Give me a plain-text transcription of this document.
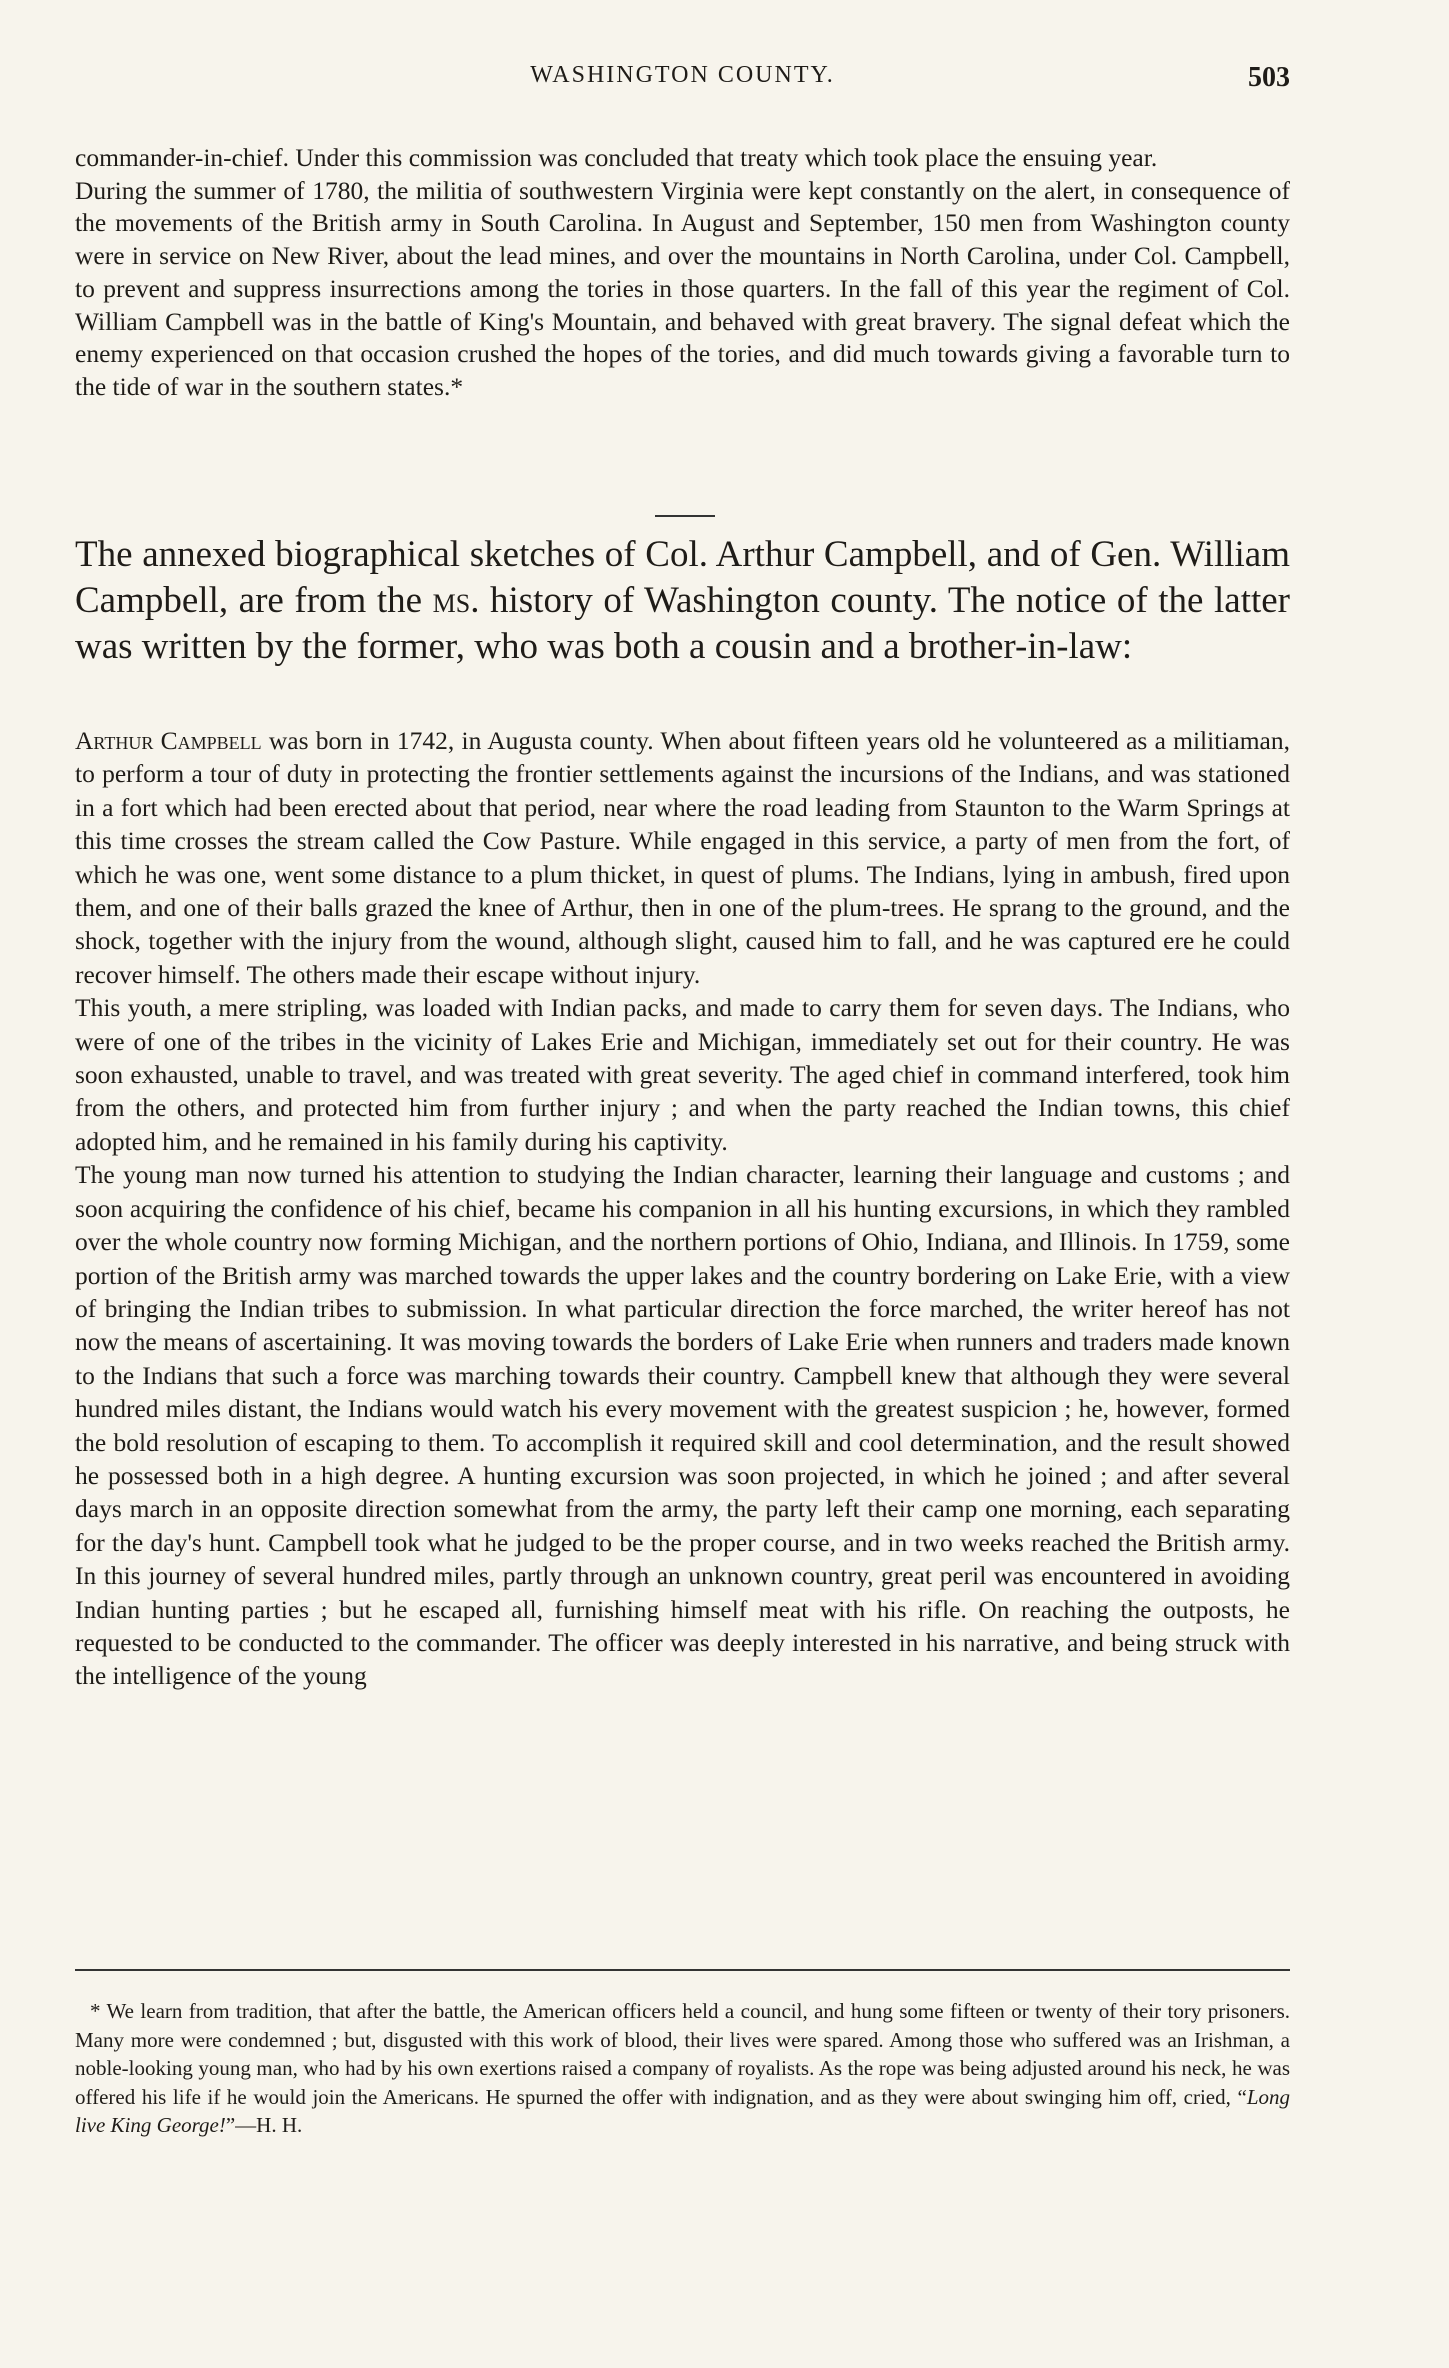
WASHINGTON COUNTY.	503

commander-in-chief. Under this commission was concluded that treaty which took place the ensuing year.

During the summer of 1780, the militia of southwestern Virginia were kept constantly on the alert, in consequence of the movements of the British army in South Carolina. In August and September, 150 men from Washington county were in service on New River, about the lead mines, and over the mountains in North Carolina, under Col. Campbell, to prevent and suppress insurrections among the tories in those quarters. In the fall of this year the regiment of Col. William Campbell was in the battle of King's Mountain, and behaved with great bravery. The signal defeat which the enemy experienced on that occasion crushed the hopes of the tories, and did much towards giving a favorable turn to the tide of war in the southern states.*

The annexed biographical sketches of Col. Arthur Campbell, and of Gen. William Campbell, are from the ms. history of Washington county. The notice of the latter was written by the former, who was both a cousin and a brother-in-law:

Arthur Campbell was born in 1742, in Augusta county. When about fifteen years old he volunteered as a militiaman, to perform a tour of duty in protecting the frontier settlements against the incursions of the Indians, and was stationed in a fort which had been erected about that period, near where the road leading from Staunton to the Warm Springs at this time crosses the stream called the Cow Pasture. While engaged in this service, a party of men from the fort, of which he was one, went some distance to a plum thicket, in quest of plums. The Indians, lying in ambush, fired upon them, and one of their balls grazed the knee of Arthur, then in one of the plum-trees. He sprang to the ground, and the shock, together with the injury from the wound, although slight, caused him to fall, and he was captured ere he could recover himself. The others made their escape without injury.

This youth, a mere stripling, was loaded with Indian packs, and made to carry them for seven days. The Indians, who were of one of the tribes in the vicinity of Lakes Erie and Michigan, immediately set out for their country. He was soon exhausted, unable to travel, and was treated with great severity. The aged chief in command interfered, took him from the others, and protected him from further injury ; and when the party reached the Indian towns, this chief adopted him, and he remained in his family during his captivity.

The young man now turned his attention to studying the Indian character, learning their language and customs ; and soon acquiring the confidence of his chief, became his companion in all his hunting excursions, in which they rambled over the whole country now forming Michigan, and the northern portions of Ohio, Indiana, and Illinois. In 1759, some portion of the British army was marched towards the upper lakes and the country bordering on Lake Erie, with a view of bringing the Indian tribes to submission. In what particular direction the force marched, the writer hereof has not now the means of ascertaining. It was moving towards the borders of Lake Erie when runners and traders made known to the Indians that such a force was marching towards their country. Campbell knew that although they were several hundred miles distant, the Indians would watch his every movement with the greatest suspicion ; he, however, formed the bold resolution of escaping to them. To accomplish it required skill and cool determination, and the result showed he possessed both in a high degree. A hunting excursion was soon projected, in which he joined ; and after several days march in an opposite direction somewhat from the army, the party left their camp one morning, each separating for the day's hunt. Campbell took what he judged to be the proper course, and in two weeks reached the British army. In this journey of several hundred miles, partly through an unknown country, great peril was encountered in avoiding Indian hunting parties ; but he escaped all, furnishing himself meat with his rifle. On reaching the outposts, he requested to be conducted to the commander. The officer was deeply interested in his narrative, and being struck with the intelligence of the young

* We learn from tradition, that after the battle, the American officers held a council, and hung some fifteen or twenty of their tory prisoners. Many more were condemned ; but, disgusted with this work of blood, their lives were spared. Among those who suffered was an Irishman, a noble-looking young man, who had by his own exertions raised a company of royalists. As the rope was being adjusted around his neck, he was offered his life if he would join the Americans. He spurned the offer with indignation, and as they were about swinging him off, cried, “Long live King George!”—H. H.
